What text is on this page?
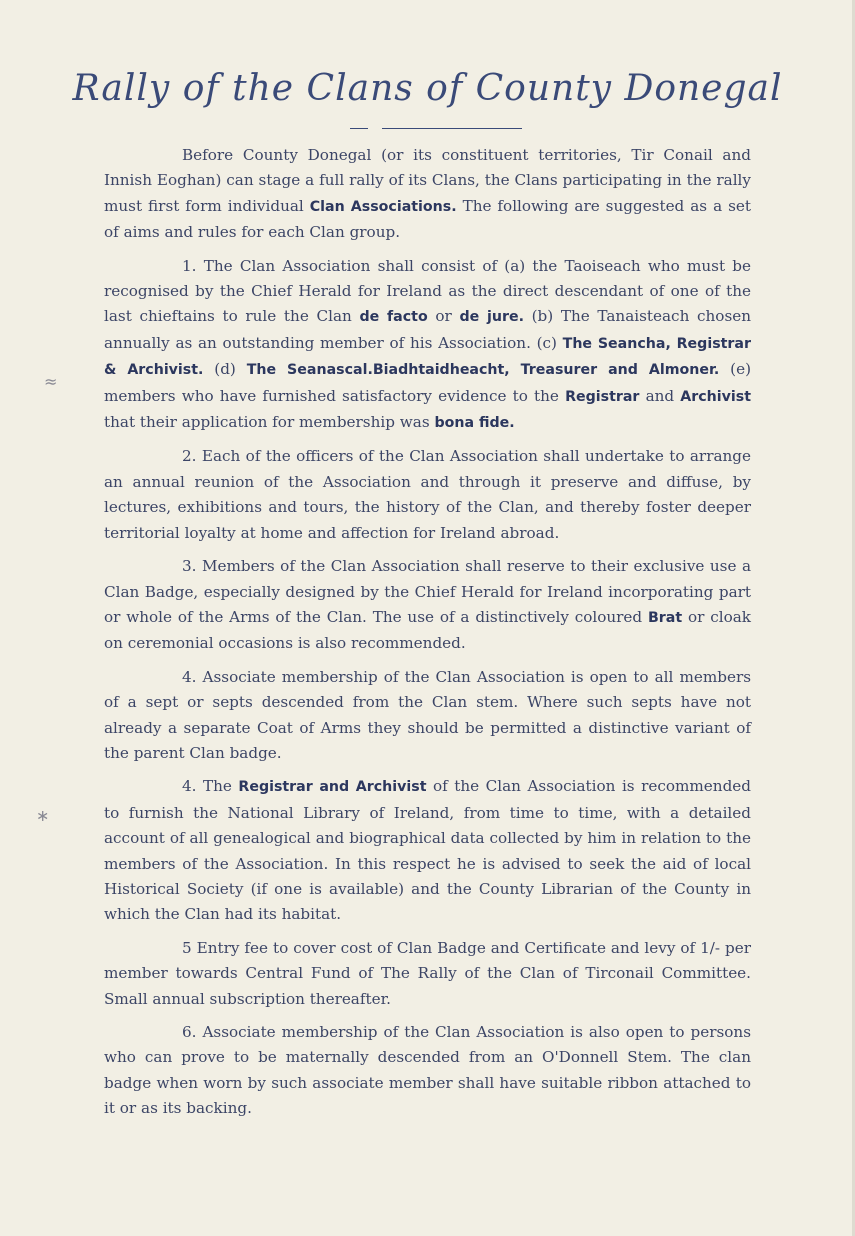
Rally of the Clans of County Donegal
≈
∗

Before County Donegal (or its constituent territories, Tir Conail and Innish Eoghan) can stage a full rally of its Clans, the Clans participating in the rally must first form individual Clan Associations. The following are suggested as a set of aims and rules for each Clan group.

1. The Clan Association shall consist of (a) the Taoiseach who must be recognised by the Chief Herald for Ireland as the direct descendant of one of the last chieftains to rule the Clan de facto or de jure. (b) The Tanaisteach chosen annually as an outstanding member of his Association. (c) The Seancha, Registrar & Archivist. (d) The Seanascal.Biadhtaidheacht, Treasurer and Almoner. (e) members who have furnished satisfactory evidence to the Registrar and Archivist that their application for membership was bona fide.

2. Each of the officers of the Clan Association shall undertake to arrange an annual reunion of the Association and through it preserve and diffuse, by lectures, exhibitions and tours, the history of the Clan, and thereby foster deeper territorial loyalty at home and affection for Ireland abroad.

3. Members of the Clan Association shall reserve to their exclusive use a Clan Badge, especially designed by the Chief Herald for Ireland incorporating part or whole of the Arms of the Clan. The use of a distinctively coloured Brat or cloak on ceremonial occasions is also recommended.

4. Associate membership of the Clan Association is open to all members of a sept or septs descended from the Clan stem. Where such septs have not already a separate Coat of Arms they should be permitted a distinctive variant of the parent Clan badge.

4. The Registrar and Archivist of the Clan Association is recommended to furnish the National Library of Ireland, from time to time, with a detailed account of all genealogical and biographical data collected by him in relation to the members of the Association. In this respect he is advised to seek the aid of local Historical Society (if one is available) and the County Librarian of the County in which the Clan had its habitat.

5 Entry fee to cover cost of Clan Badge and Certificate and levy of 1/- per member towards Central Fund of The Rally of the Clan of Tirconail Committee. Small annual subscription thereafter.

6. Associate membership of the Clan Association is also open to persons who can prove to be maternally descended from an O'Donnell Stem. The clan badge when worn by such associate member shall have suitable ribbon attached to it or as its backing.
